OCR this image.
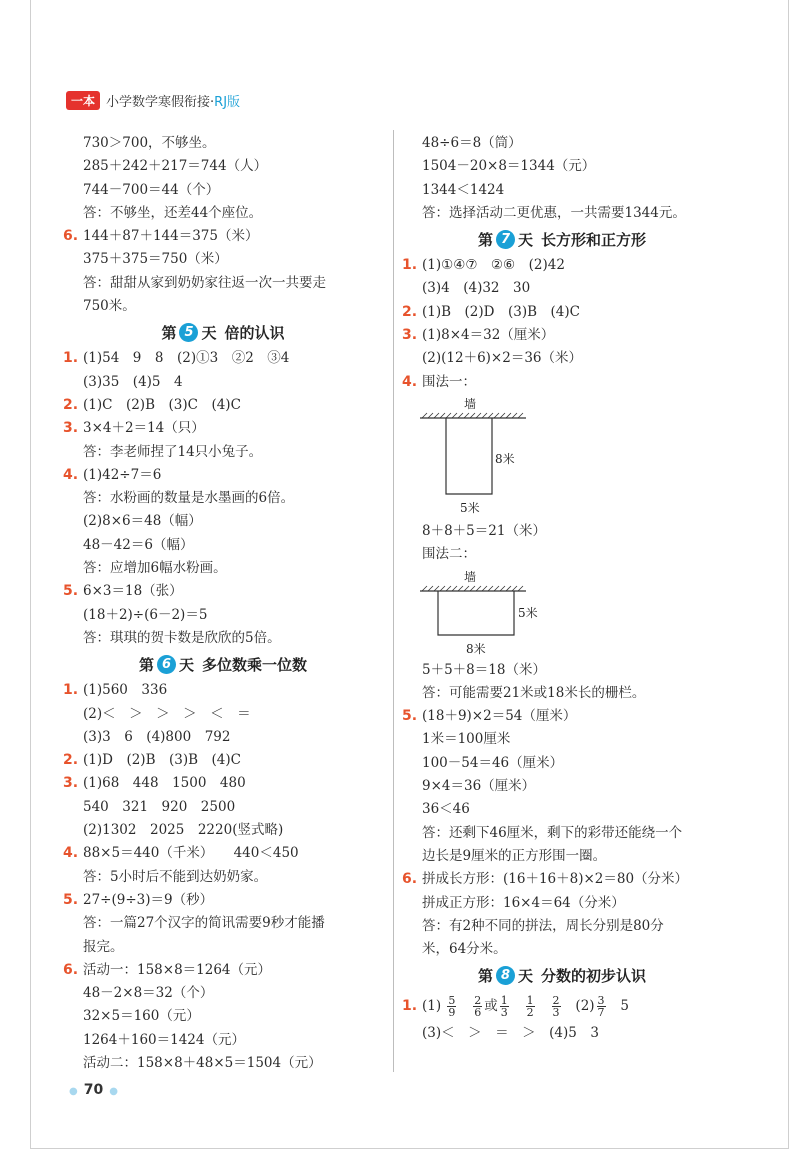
一本 小学数学寒假衔接· RJ版
730＞700，不够坐。
285＋242＋217＝744（人）
744－700＝44（个）
答：不够坐，还差44个座位。
6. 144＋87＋144＝375（米）
375＋375＝750（米）
答：甜甜从家到奶奶家往返一次一共要走
750米。
第 5 天 倍的认识
1. (1)54　9　8　(2)①3　②2　③4
(3)35　(4)5　4
2. (1)C　(2)B　(3)C　(4)C
3. 3×4＋2＝14（只）
答：李老师捏了14只小兔子。
4. (1)42÷7＝6
答：水粉画的数量是水墨画的6倍。
(2)8×6＝48（幅）
48－42＝6（幅）
答：应增加6幅水粉画。
5. 6×3＝18（张）
(18＋2)÷(6－2)＝5
答：琪琪的贺卡数是欣欣的5倍。
第 6 天 多位数乘一位数
1. (1)560　336
(2)＜　＞　＞　＞　＜　＝
(3)3　6　(4)800　792
2. (1)D　(2)B　(3)B　(4)C
3. (1)68　448　1500　480
540　321　920　2500
(2)1302　2025　2220(竖式略)
4. 88×5＝440（千米）　　440＜450
答：5小时后不能到达奶奶家。
5. 27÷(9÷3)＝9（秒）
答：一篇27个汉字的简讯需要9秒才能播
报完。
6. 活动一：158×8＝1264（元）
48－2×8＝32（个）
32×5＝160（元）
1264＋160＝1424（元）
活动二：158×8＋48×5＝1504（元）
48÷6＝8（筒）
1504－20×8＝1344（元）
1344＜1424
答：选择活动二更优惠，一共需要1344元。
第 7 天 长方形和正方形
1. (1)①④⑦　②⑥　(2)42
(3)4　(4)32　30
2. (1)B　(2)D　(3)B　(4)C
3. (1)8×4＝32（厘米）
(2)(12＋6)×2＝36（米）
4. 围法一：
墙
8米
5米
8＋8＋5＝21（米）
围法二：
墙
5米
8米
5＋5＋8＝18（米）
答：可能需要21米或18米长的栅栏。
5. (18＋9)×2＝54（厘米）
1米＝100厘米
100－54＝46（厘米）
9×4＝36（厘米）
36＜46
答：还剩下46厘米，剩下的彩带还能绕一个
边长是9厘米的正方形围一圈。
6. 拼成长方形：(16＋16＋8)×2＝80（分米）
拼成正方形：16×4＝64（分米）
答：有2种不同的拼法，周长分别是80分
米，64分米。
第 8 天 分数的初步认识
1. $(1) \frac{5}{9}$
$\frac{2}{6}$ 或 $\frac{1}{3}$
$\frac{1}{2}$
$\frac{2}{3} (2) \frac{3}{7} 5$
(3)＜　＞　＝　＞　(4)5　3
● 70 ●
